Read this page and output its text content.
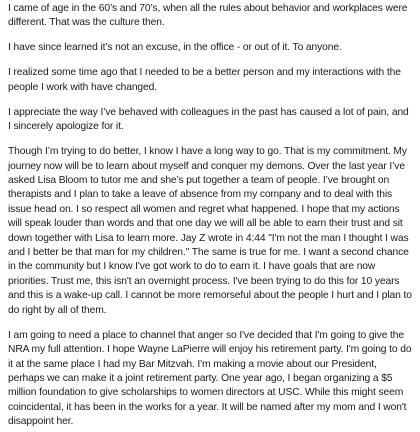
I came of age in the 60’s and 70’s, when all the rules about behavior and workplaces were different. That was the culture then.

I have since learned it’s not an excuse, in the office - or out of it. To anyone.

I realized some time ago that I needed to be a better person and my interactions with the people I work with have changed.

I appreciate the way I’ve behaved with colleagues in the past has caused a lot of pain, and I sincerely apologize for it.

Though I’m trying to do better, I know I have a long way to go. That is my commitment. My journey now will be to learn about myself and conquer my demons. Over the last year I’ve asked Lisa Bloom to tutor me and she’s put together a team of people. I’ve brought on therapists and I plan to take a leave of absence from my company and to deal with this issue head on. I so respect all women and regret what happened. I hope that my actions will speak louder than words and that one day we will all be able to earn their trust and sit down together with Lisa to learn more. Jay Z wrote in 4:44 "I'm not the man I thought I was and I better be that man for my children." The same is true for me. I want a second chance in the community but I know I've got work to do to earn it. I have goals that are now priorities. Trust me, this isn't an overnight process. I've been trying to do this for 10 years and this is a wake-up call. I cannot be more remorseful about the people I hurt and I plan to do right by all of them.

I am going to need a place to channel that anger so I've decided that I'm going to give the NRA my full attention. I hope Wayne LaPierre will enjoy his retirement party. I'm going to do it at the same place I had my Bar Mitzvah. I'm making a movie about our President, perhaps we can make it a joint retirement party. One year ago, I began organizing a $5 million foundation to give scholarships to women directors at USC. While this might seem coincidental, it has been in the works for a year. It will be named after my mom and I won't disappoint her.
